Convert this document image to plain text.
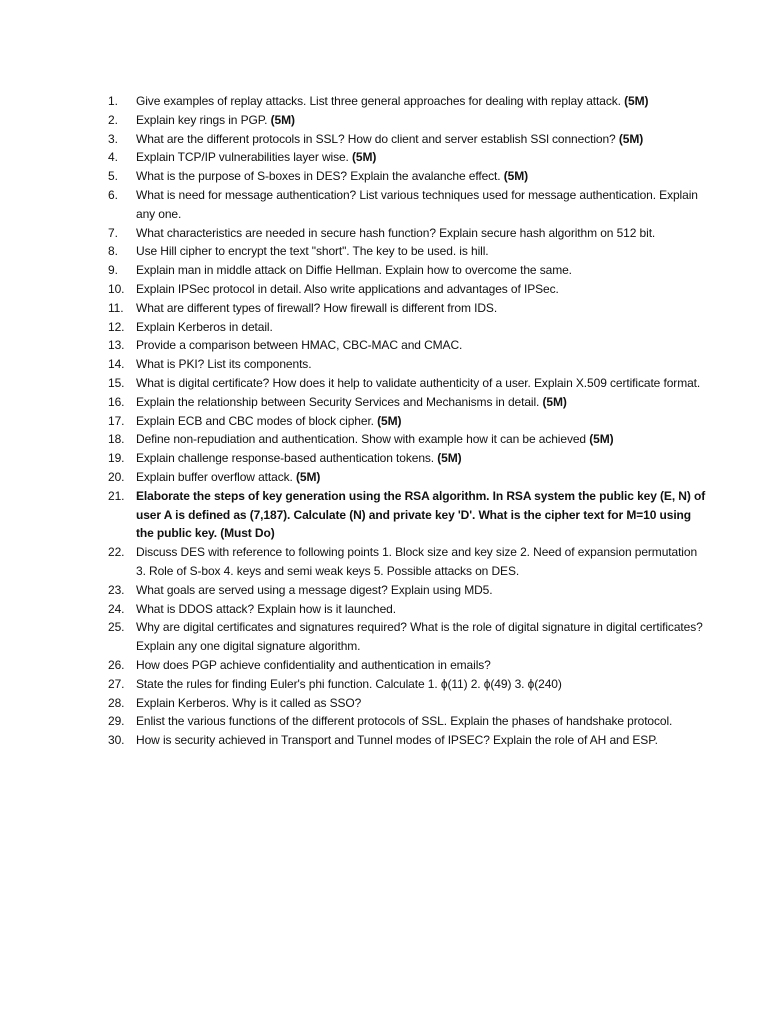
1.	Give examples of replay attacks. List three general approaches for dealing with replay attack. (5M)
2.	Explain key rings in PGP. (5M)
3.	What are the different protocols in SSL? How do client and server establish SSl connection? (5M)
4.	Explain TCP/IP vulnerabilities layer wise. (5M)
5.	What is the purpose of S-boxes in DES? Explain the avalanche effect. (5M)
6.	What is need for message authentication? List various techniques used for message authentication. Explain any one.
7.	What characteristics are needed in secure hash function? Explain secure hash algorithm on 512 bit.
8.	Use Hill cipher to encrypt the text "short". The key to be used. is hill.
9.	Explain man in middle attack on Diffie Hellman. Explain how to overcome the same.
10. Explain IPSec protocol in detail. Also write applications and advantages of IPSec.
11.	What are different types of firewall? How firewall is different from IDS.
12. Explain Kerberos in detail.
13. Provide a comparison between HMAC, CBC-MAC and CMAC.
14. What is PKI? List its components.
15. What is digital certificate? How does it help to validate authenticity of a user. Explain X.509 certificate format.
16. Explain the relationship between Security Services and Mechanisms in detail. (5M)
17. Explain ECB and CBC modes of block cipher. (5M)
18. Define non-repudiation and authentication. Show with example how it can be achieved (5M)
19. Explain challenge response-based authentication tokens. (5M)
20. Explain buffer overflow attack. (5M)
21. Elaborate the steps of key generation using the RSA algorithm. In RSA system the public key (E, N) of user A is defined as (7,187). Calculate (N) and private key 'D'. What is the cipher text for M=10 using the public key. (Must Do)
22. Discuss DES with reference to following points 1. Block size and key size 2. Need of expansion permutation 3. Role of S-box 4. keys and semi weak keys 5. Possible attacks on DES.
23. What goals are served using a message digest? Explain using MD5.
24. What is DDOS attack? Explain how is it launched.
25. Why are digital certificates and signatures required? What is the role of digital signature in digital certificates? Explain any one digital signature algorithm.
26. How does PGP achieve confidentiality and authentication in emails?
27. State the rules for finding Euler's phi function. Calculate 1. ϕ(11) 2. ϕ(49) 3. ϕ(240)
28. Explain Kerberos. Why is it called as SSO?
29. Enlist the various functions of the different protocols of SSL. Explain the phases of handshake protocol.
30. How is security achieved in Transport and Tunnel modes of IPSEC? Explain the role of AH and ESP.
